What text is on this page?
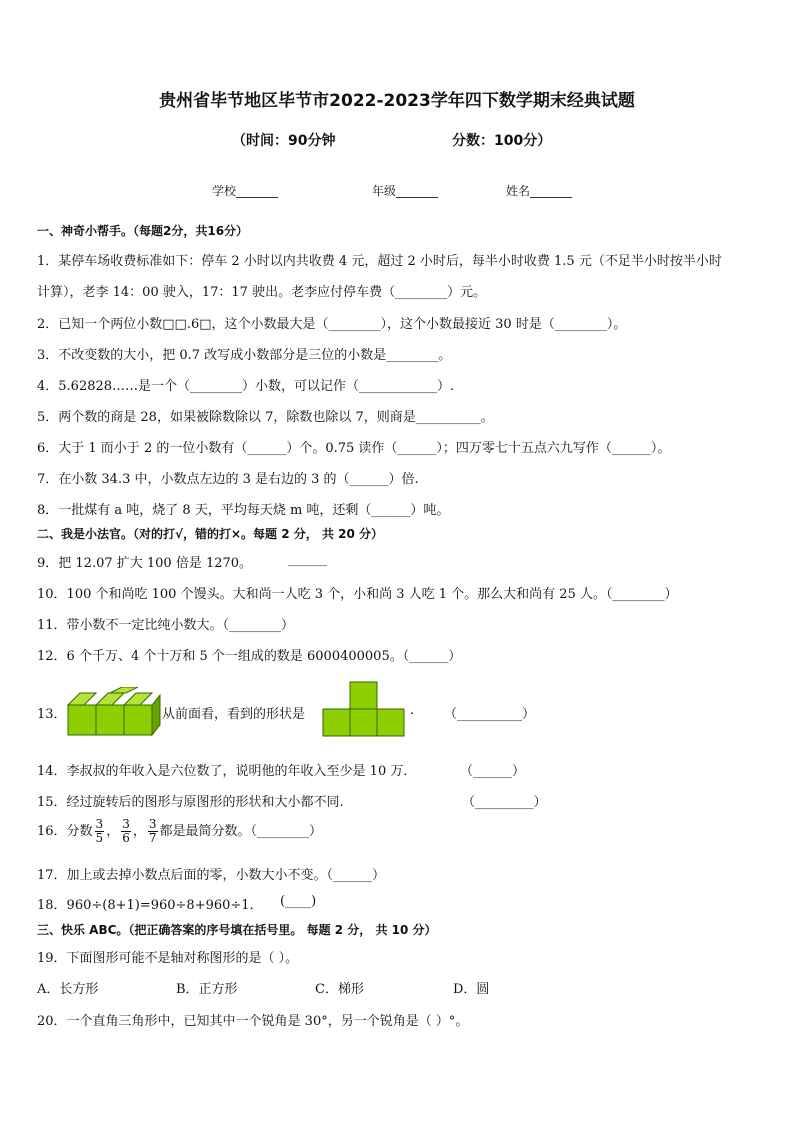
贵州省毕节地区毕节市2022-2023学年四下数学期末经典试题
（时间：90分钟	分数：100分）
学校_______	年级_______	姓名_______
一、神奇小帮手。（每题2分，共16分）
1．某停车场收费标准如下：停车 2 小时以内共收费 4 元，超过 2 小时后，每半小时收费 1.5 元（不足半小时按半小时
计算），老李 14：00 驶入，17：17 驶出。老李应付停车费（________）元。
2．已知一个两位小数□□.6□，这个小数最大是（________），这个小数最接近 30 时是（________）。
3．不改变数的大小，把 0.7 改写成小数部分是三位的小数是________。
4．5.62828……是一个（________）小数，可以记作（____________）.
5．两个数的商是 28，如果被除数除以 7，除数也除以 7，则商是__________。
6．大于 1 而小于 2 的一位小数有（______）个。0.75 读作（______）；四万零七十五点六九写作（______）。
7．在小数 34.3 中，小数点左边的 3 是右边的 3 的（______）倍.
8．一批煤有 a 吨，烧了 8 天，平均每天烧 m 吨，还剩（______）吨。
二、我是小法官。（对的打√，错的打×。每题 2 分， 共 20 分）
9．把 12.07 扩大 100 倍是 1270。	______
10．100 个和尚吃 100 个馒头。大和尚一人吃 3 个，小和尚 3 人吃 1 个。那么大和尚有 25 人。（________）
11．带小数不一定比纯小数大。（________）
12．6 个千万、4 个十万和 5 个一组成的数是 6000400005。（______）
13．	从前面看，看到的形状是	. （__________）
14．李叔叔的年收入是六位数了，说明他的年收入至少是 10 万．	（______）
15．经过旋转后的图形与原图形的形状和大小都不同.	（_________）
16．分数 $\frac{3}{5}$ ， $\frac{3}{6}$ ， $\frac{3}{7}$ 都是最简分数。（________）
17．加上或去掉小数点后面的零，小数大小不变。（______）
18．960÷(8+1)=960÷8+960÷1． (____)
三、快乐 ABC。（把正确答案的序号填在括号里。 每题 2 分， 共 10 分）
19．下面图形可能不是轴对称图形的是（ ）。
A．长方形	B．正方形	C．梯形	D．圆
20．一个直角三角形中，已知其中一个锐角是 30°，另一个锐角是（ ）°。
